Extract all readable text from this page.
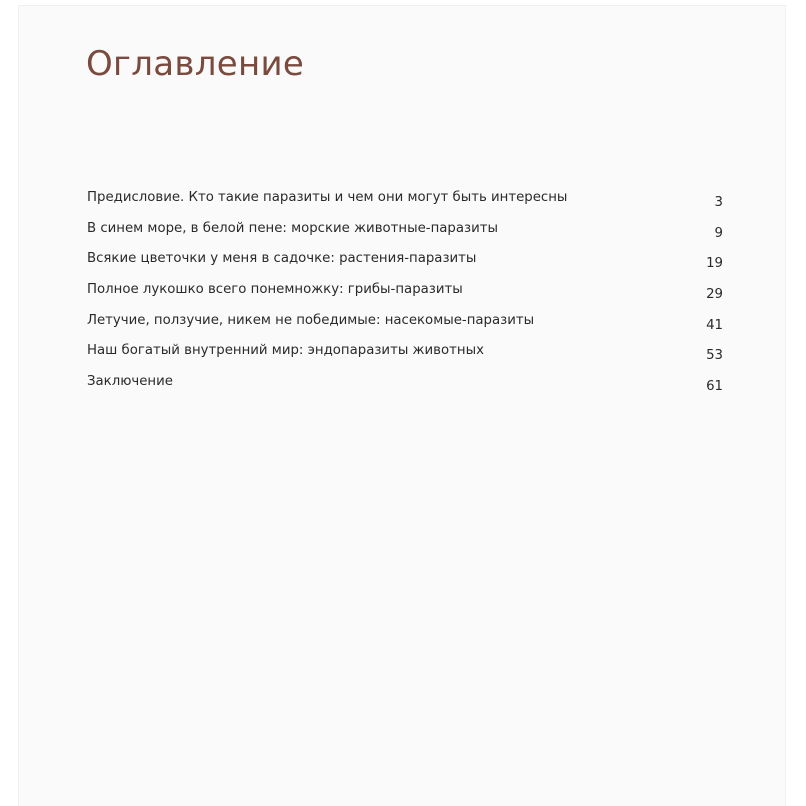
Оглавление
Предисловие. Кто такие паразиты и чем они могут быть интересны	3
В синем море, в белой пене: морские животные-паразиты	9
Всякие цветочки у меня в садочке: растения-паразиты	19
Полное лукошко всего понемножку: грибы-паразиты	29
Летучие, ползучие, никем не победимые: насекомые-паразиты	41
Наш богатый внутренний мир: эндопаразиты животных	53
Заключение	61
